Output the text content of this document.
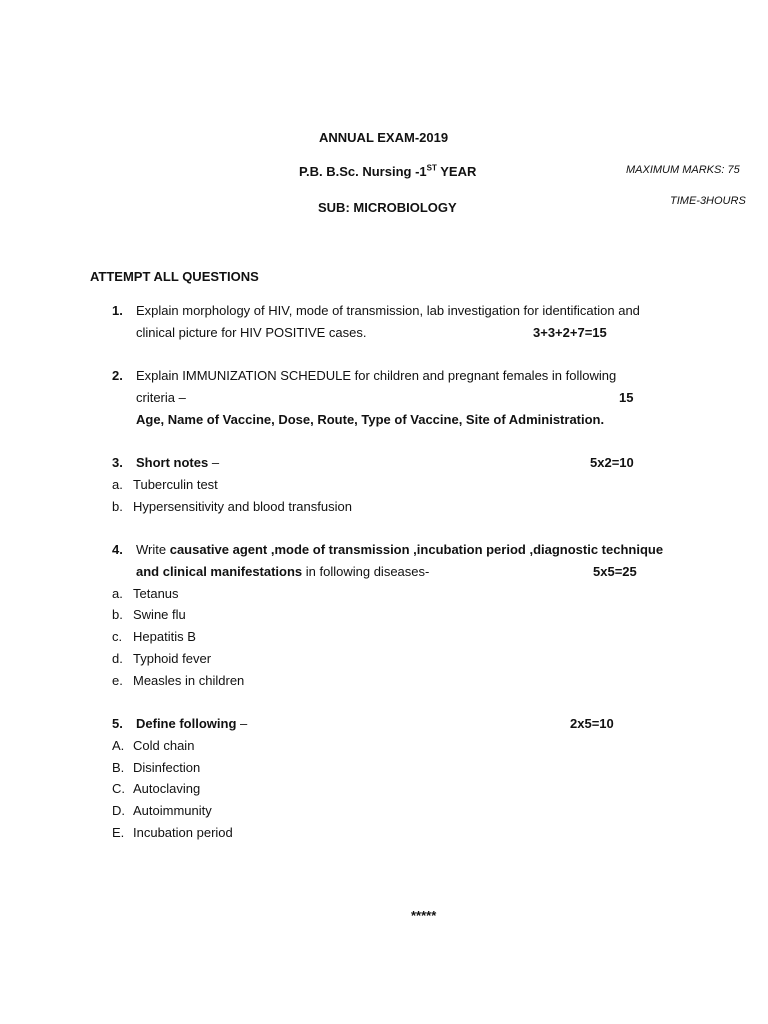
ANNUAL EXAM-2019
P.B. B.Sc. Nursing -1ST YEAR	MAXIMUM MARKS: 75
TIME-3HOURS
SUB: MICROBIOLOGY
ATTEMPT ALL QUESTIONS
1. Explain morphology of HIV, mode of transmission, lab investigation for identification and
clinical picture for HIV POSITIVE cases.	3+3+2+7=15
2. Explain IMMUNIZATION SCHEDULE for children and pregnant females in following
criteria –
Age, Name of Vaccine, Dose, Route, Type of Vaccine, Site of Administration.
15
3. Short notes –	5x2=10
a. Tuberculin test
b. Hypersensitivity and blood transfusion
4. Write causative agent ,mode of transmission ,incubation period ,diagnostic technique
and clinical manifestations in following diseases-	5x5=25
a. Tetanus
b. Swine flu
c. Hepatitis B
d. Typhoid fever
e. Measles in children
5. Define following –	2x5=10
A. Cold chain
B. Disinfection
C. Autoclaving
D. Autoimmunity
E. Incubation period
*****
